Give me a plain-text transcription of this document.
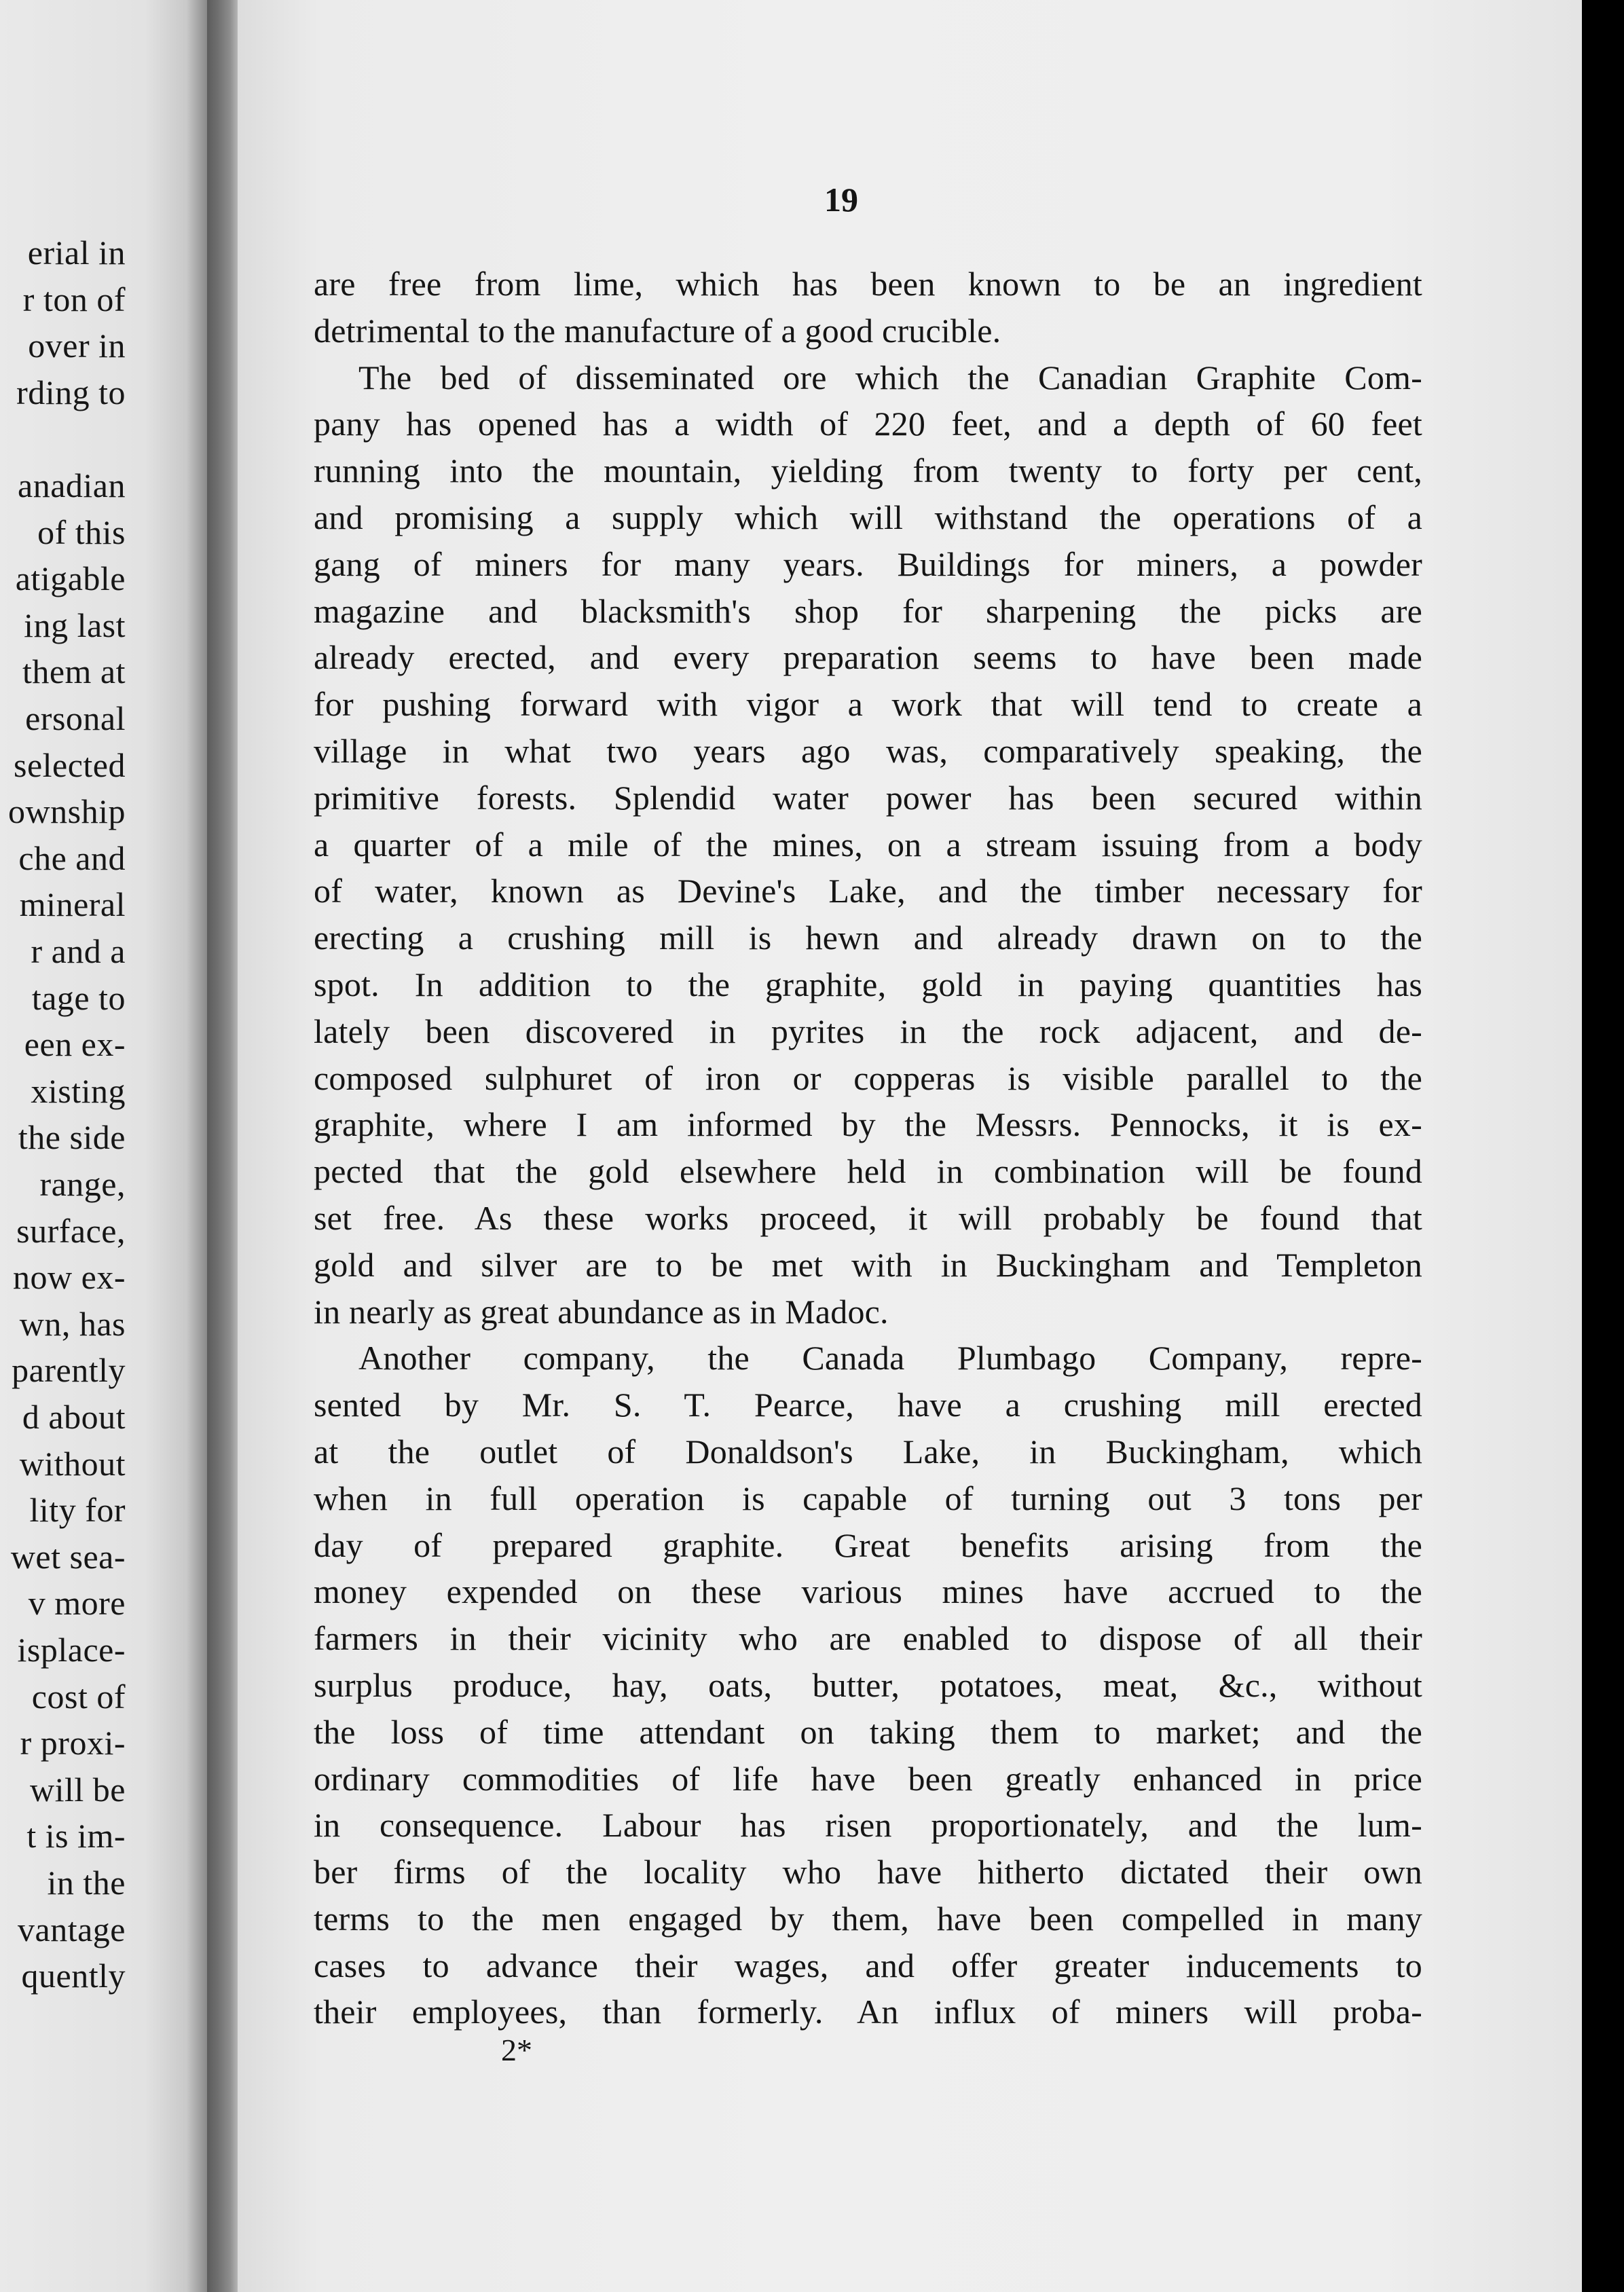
erial in
r ton of
over in
rding to
anadian
of this
atigable
ing last
them at
ersonal
selected
ownship
che and
mineral
r and a
tage to
een ex-
xisting
the side
range,
surface,
now ex-
wn, has
parently
d about
without
lity for
wet sea-
v more
isplace-
cost of
r proxi-
will be
t is im-
in the
vantage
quently
19
are free from lime, which has been known to be an ingredient
detrimental to the manufacture of a good crucible.
The bed of disseminated ore which the Canadian Graphite Com-
pany has opened has a width of 220 feet, and a depth of 60 feet
running into the mountain, yielding from twenty to forty per cent,
and promising a supply which will withstand the operations of a
gang of miners for many years. Buildings for miners, a powder
magazine and blacksmith's shop for sharpening the picks are
already erected, and every preparation seems to have been made
for pushing forward with vigor a work that will tend to create a
village in what two years ago was, comparatively speaking, the
primitive forests. Splendid water power has been secured within
a quarter of a mile of the mines, on a stream issuing from a body
of water, known as Devine's Lake, and the timber necessary for
erecting a crushing mill is hewn and already drawn on to the
spot. In addition to the graphite, gold in paying quantities has
lately been discovered in pyrites in the rock adjacent, and de-
composed sulphuret of iron or copperas is visible parallel to the
graphite, where I am informed by the Messrs. Pennocks, it is ex-
pected that the gold elsewhere held in combination will be found
set free. As these works proceed, it will probably be found that
gold and silver are to be met with in Buckingham and Templeton
in nearly as great abundance as in Madoc.
Another company, the Canada Plumbago Company, repre-
sented by Mr. S. T. Pearce, have a crushing mill erected
at the outlet of Donaldson's Lake, in Buckingham, which
when in full operation is capable of turning out 3 tons per
day of prepared graphite. Great benefits arising from the
money expended on these various mines have accrued to the
farmers in their vicinity who are enabled to dispose of all their
surplus produce, hay, oats, butter, potatoes, meat, &c., without
the loss of time attendant on taking them to market; and the
ordinary commodities of life have been greatly enhanced in price
in consequence. Labour has risen proportionately, and the lum-
ber firms of the locality who have hitherto dictated their own
terms to the men engaged by them, have been compelled in many
cases to advance their wages, and offer greater inducements to
their employees, than formerly. An influx of miners will proba-
2*
